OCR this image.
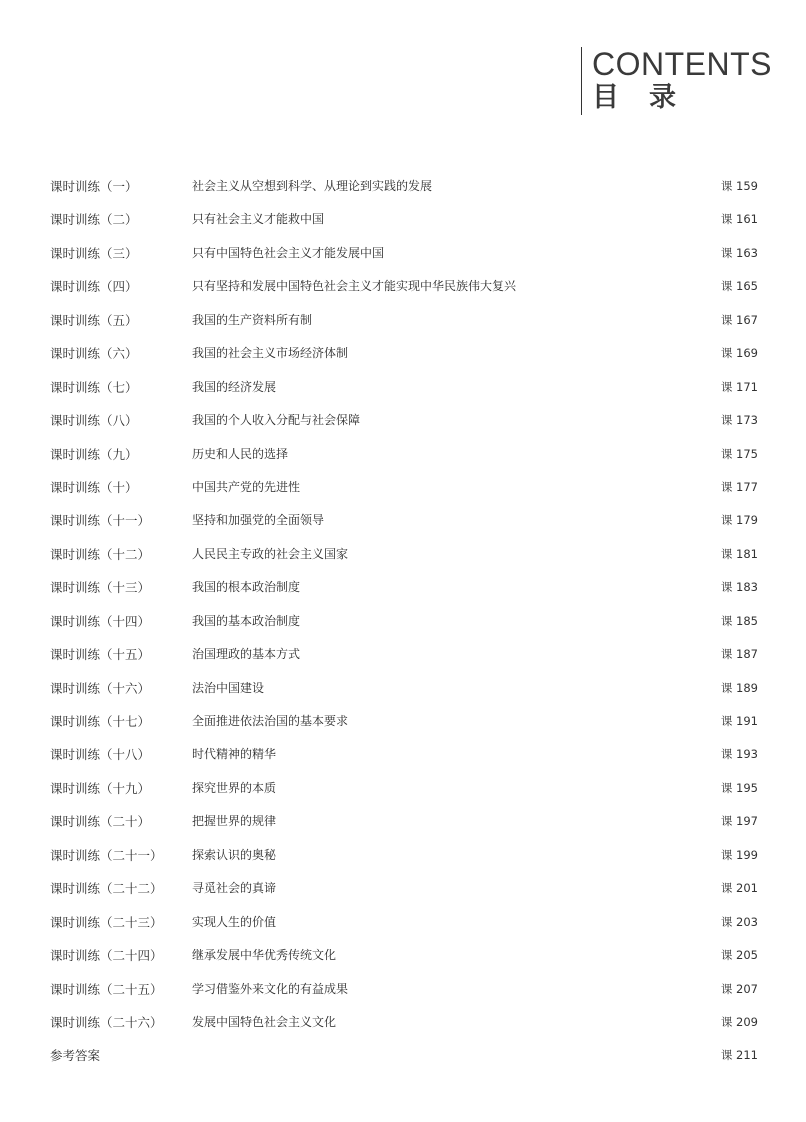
CONTENTS
目录
课时训练（一）	社会主义从空想到科学、从理论到实践的发展	课 159
课时训练（二）	只有社会主义才能救中国	课 161
课时训练（三）	只有中国特色社会主义才能发展中国	课 163
课时训练（四）	只有坚持和发展中国特色社会主义才能实现中华民族伟大复兴	课 165
课时训练（五）	我国的生产资料所有制	课 167
课时训练（六）	我国的社会主义市场经济体制	课 169
课时训练（七）	我国的经济发展	课 171
课时训练（八）	我国的个人收入分配与社会保障	课 173
课时训练（九）	历史和人民的选择	课 175
课时训练（十）	中国共产党的先进性	课 177
课时训练（十一）	坚持和加强党的全面领导	课 179
课时训练（十二）	人民民主专政的社会主义国家	课 181
课时训练（十三）	我国的根本政治制度	课 183
课时训练（十四）	我国的基本政治制度	课 185
课时训练（十五）	治国理政的基本方式	课 187
课时训练（十六）	法治中国建设	课 189
课时训练（十七）	全面推进依法治国的基本要求	课 191
课时训练（十八）	时代精神的精华	课 193
课时训练（十九）	探究世界的本质	课 195
课时训练（二十）	把握世界的规律	课 197
课时训练（二十一） 探索认识的奥秘	课 199
课时训练（二十二） 寻觅社会的真谛	课 201
课时训练（二十三） 实现人生的价值	课 203
课时训练（二十四） 继承发展中华优秀传统文化	课 205
课时训练（二十五） 学习借鉴外来文化的有益成果	课 207
课时训练（二十六） 发展中国特色社会主义文化	课 209
参考答案	课 211
